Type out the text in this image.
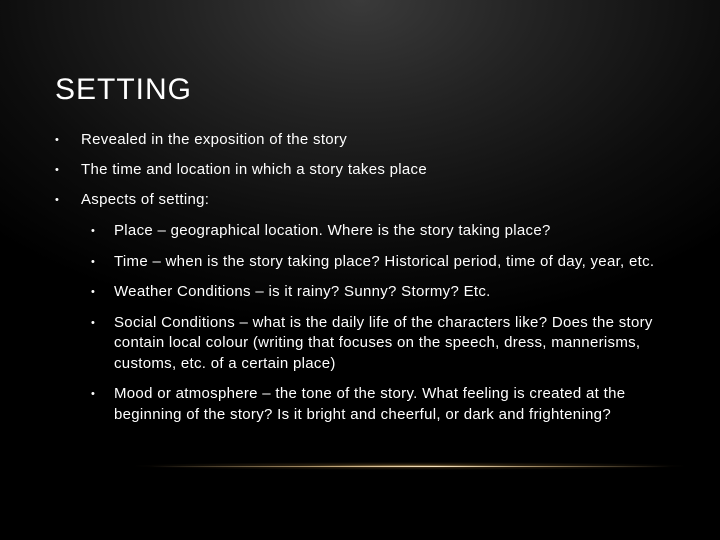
SETTING
• Revealed in the exposition of the story
• The time and location in which a story takes place
• Aspects of setting:
• Place – geographical location. Where is the story taking place?
• Time – when is the story taking place? Historical period, time of day, year, etc.
• Weather Conditions – is it rainy? Sunny? Stormy? Etc.
• Social Conditions – what is the daily life of the characters like? Does the story contain local colour (writing that focuses on the speech, dress, mannerisms, customs, etc. of a certain place)
• Mood or atmosphere – the tone of the story. What feeling is created at the beginning of the story? Is it bright and cheerful, or dark and frightening?
